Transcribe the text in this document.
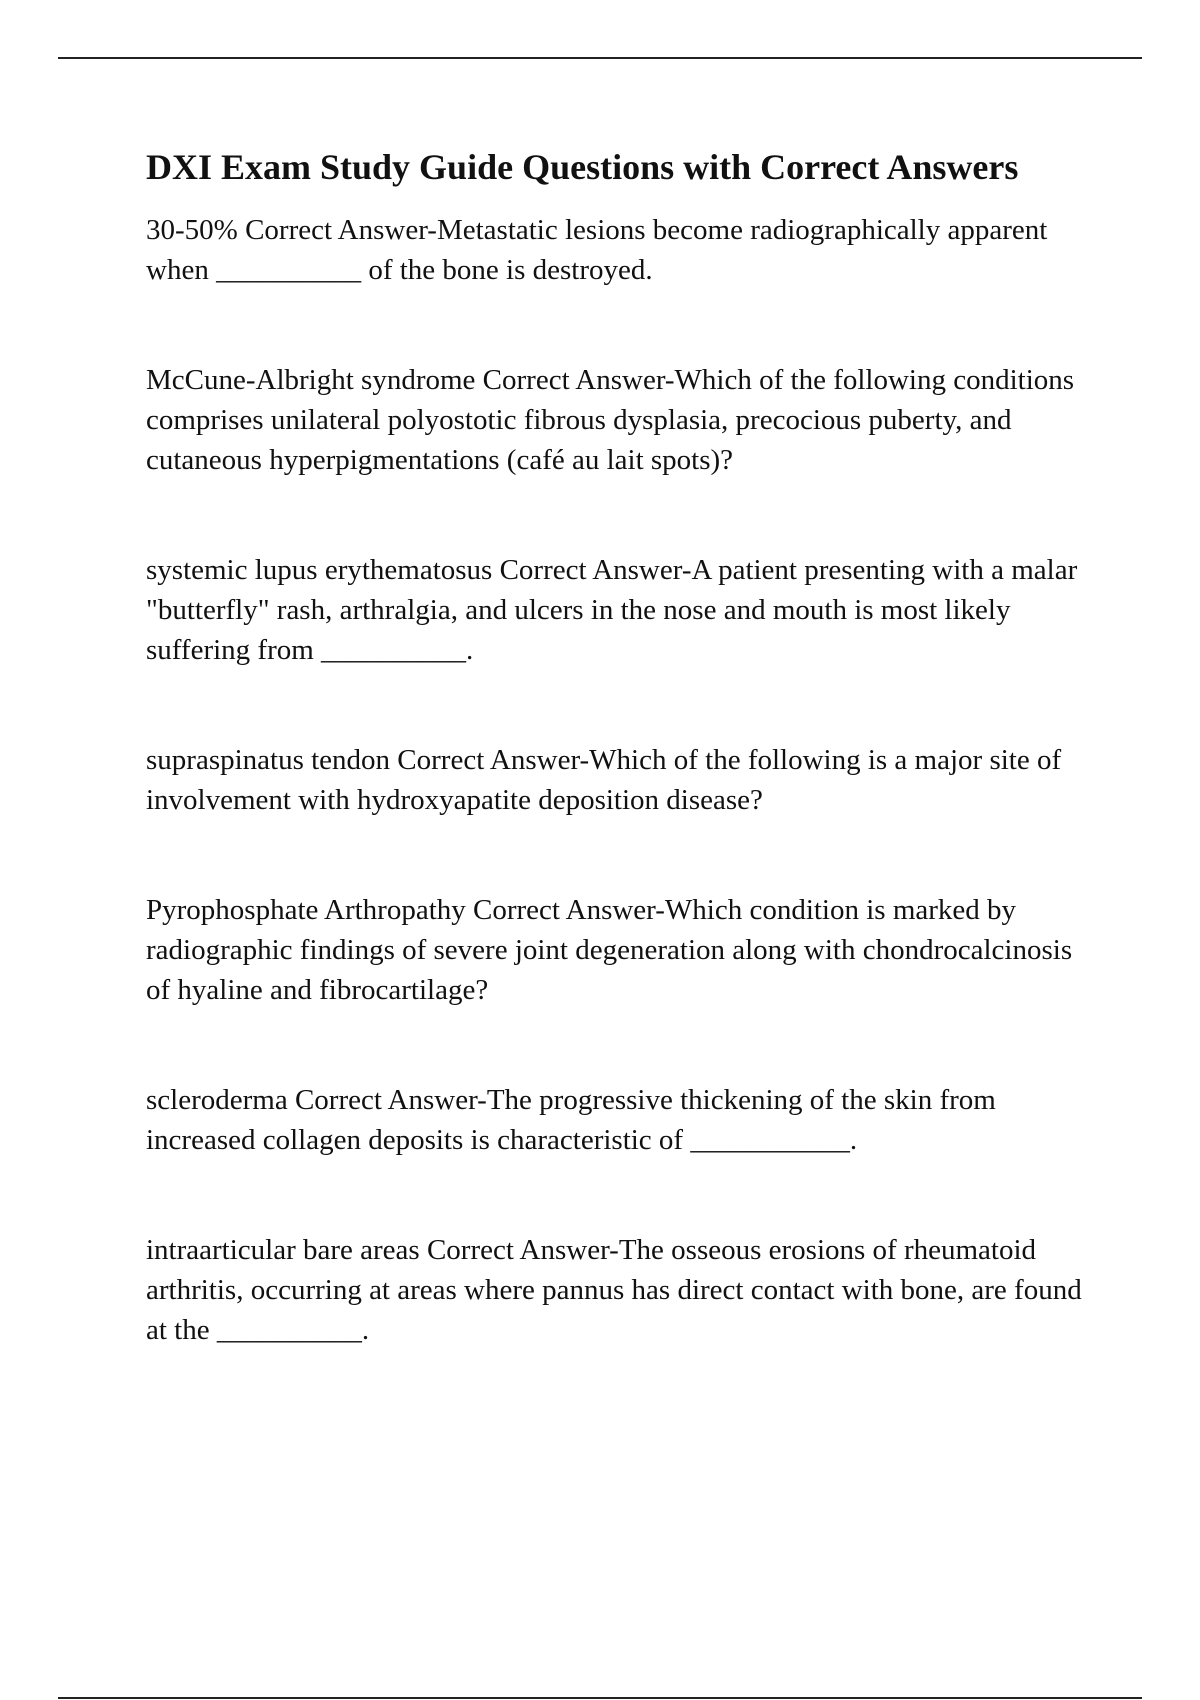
DXI Exam Study Guide Questions with Correct Answers

30-50% Correct Answer-Metastatic lesions become radiographically apparent when __________ of the bone is destroyed.

McCune-Albright syndrome Correct Answer-Which of the following conditions comprises unilateral polyostotic fibrous dysplasia, precocious puberty, and cutaneous hyperpigmentations (café au lait spots)?

systemic lupus erythematosus Correct Answer-A patient presenting with a malar "butterfly" rash, arthralgia, and ulcers in the nose and mouth is most likely suffering from __________.

supraspinatus tendon Correct Answer-Which of the following is a major site of involvement with hydroxyapatite deposition disease?

Pyrophosphate Arthropathy Correct Answer-Which condition is marked by radiographic findings of severe joint degeneration along with chondrocalcinosis of hyaline and fibrocartilage?

scleroderma Correct Answer-The progressive thickening of the skin from increased collagen deposits is characteristic of ___________.

intraarticular bare areas Correct Answer-The osseous erosions of rheumatoid arthritis, occurring at areas where pannus has direct contact with bone, are found at the __________.
